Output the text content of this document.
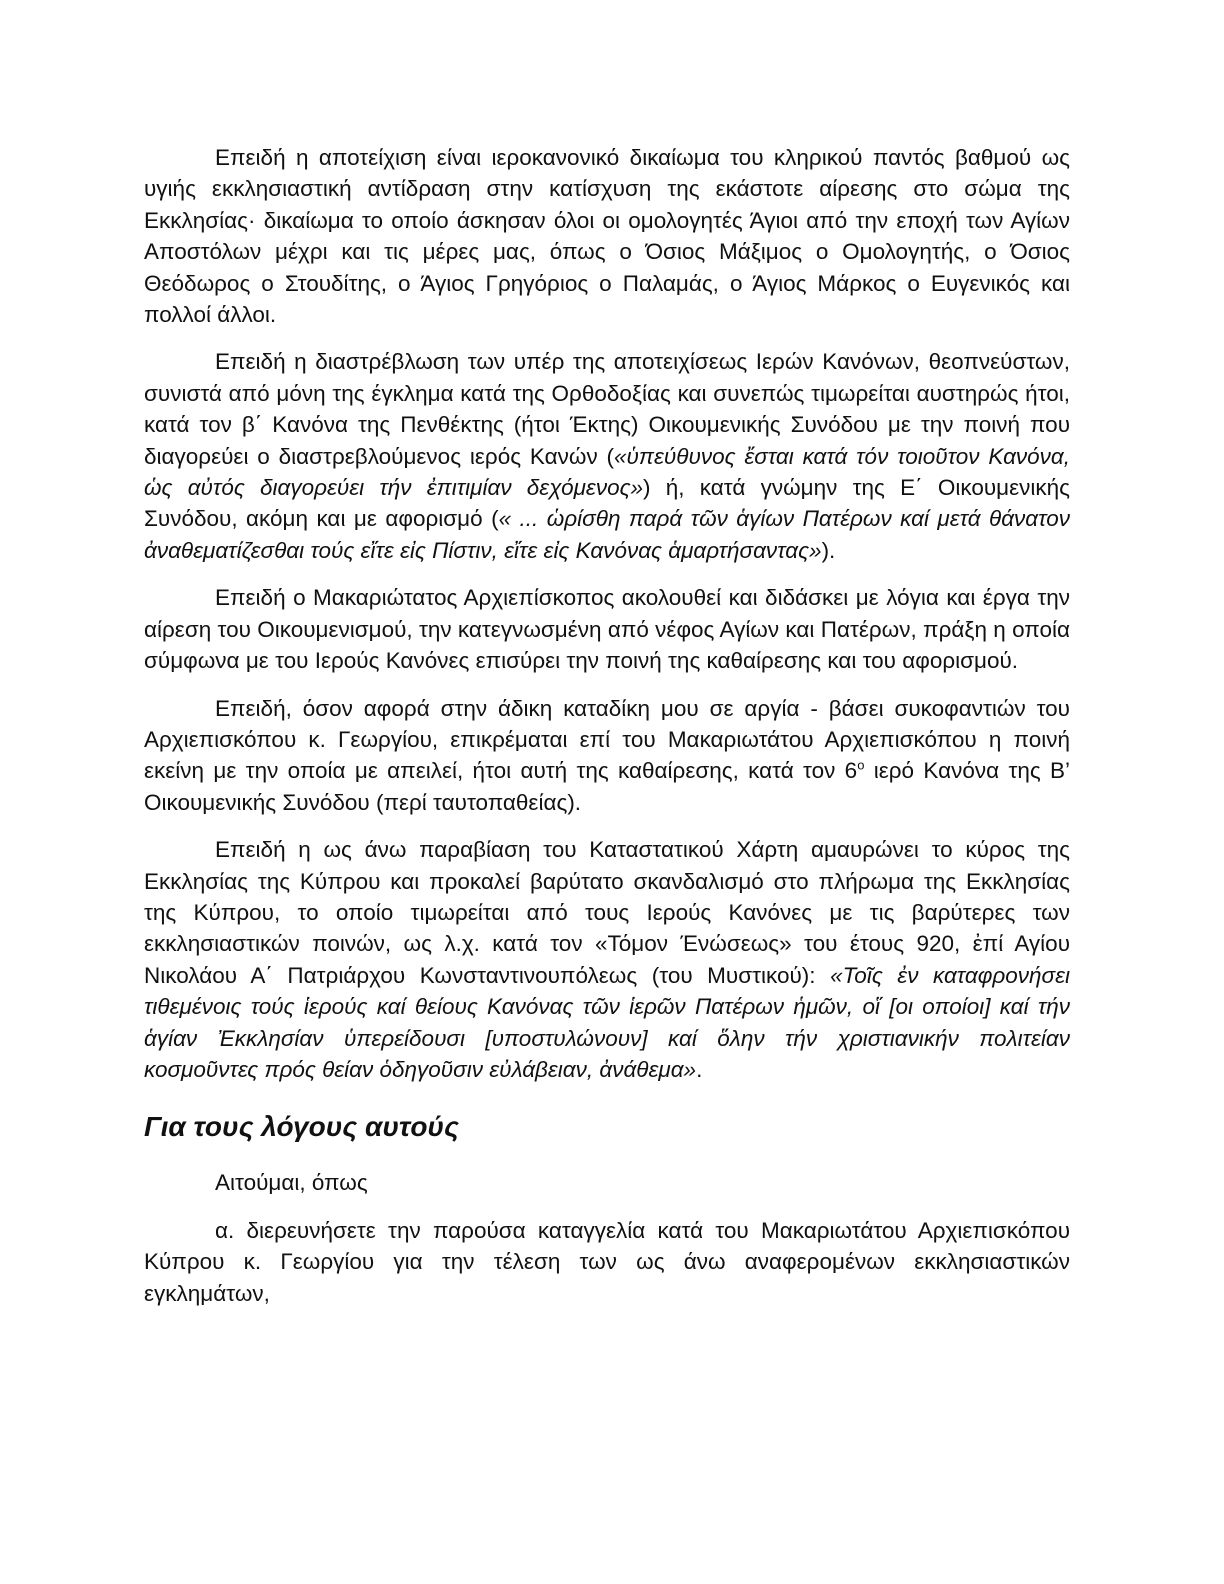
Επειδή η αποτείχιση είναι ιεροκανονικό δικαίωμα του κληρικού παντός βαθμού ως υγιής εκκλησιαστική αντίδραση στην κατίσχυση της εκάστοτε αίρεσης στο σώμα της Εκκλησίας· δικαίωμα το οποίο άσκησαν όλοι οι ομολογητές Άγιοι από την εποχή των Αγίων Αποστόλων μέχρι και τις μέρες μας, όπως ο Όσιος Μάξιμος ο Ομολογητής, ο Όσιος Θεόδωρος ο Στουδίτης, ο Άγιος Γρηγόριος ο Παλαμάς, ο Άγιος Μάρκος ο Ευγενικός και πολλοί άλλοι.

Επειδή η διαστρέβλωση των υπέρ της αποτειχίσεως Ιερών Κανόνων, θεοπνεύστων, συνιστά από μόνη της έγκλημα κατά της Ορθοδοξίας και συνεπώς τιμωρείται αυστηρώς ήτοι, κατά τον β΄ Κανόνα της Πενθέκτης (ήτοι Έκτης) Οικουμενικής Συνόδου με την ποινή που διαγορεύει ο διαστρεβλούμενος ιερός Κανών («ὑπεύθυνος ἔσται κατά τόν τοιοῦτον Κανόνα, ὡς αὐτός διαγορεύει τήν ἐπιτιμίαν δεχόμενος») ή, κατά γνώμην της Ε΄ Οικουμενικής Συνόδου, ακόμη και με αφορισμό (« ... ὡρίσθη παρά τῶν ἁγίων Πατέρων καί μετά θάνατον ἀναθεματίζεσθαι τούς εἴτε εἰς Πίστιν, εἴτε εἰς Κανόνας ἁμαρτήσαντας»).

Επειδή ο Μακαριώτατος Αρχιεπίσκοπος ακολουθεί και διδάσκει με λόγια και έργα την αίρεση του Οικουμενισμού, την κατεγνωσμένη από νέφος Αγίων και Πατέρων, πράξη η οποία σύμφωνα με του Ιερούς Κανόνες επισύρει την ποινή της καθαίρεσης και του αφορισμού.

Επειδή, όσον αφορά στην άδικη καταδίκη μου σε αργία - βάσει συκοφαντιών του Αρχιεπισκόπου κ. Γεωργίου, επικρέμαται επί του Μακαριωτάτου Αρχιεπισκόπου η ποινή εκείνη με την οποία με απειλεί, ήτοι αυτή της καθαίρεσης, κατά τον $6^o$ ιερό Κανόνα της Β’ Οικουμενικής Συνόδου (περί ταυτοπαθείας).

Επειδή η ως άνω παραβίαση του Καταστατικού Χάρτη αμαυρώνει το κύρος της Εκκλησίας της Κύπρου και προκαλεί βαρύτατο σκανδαλισμό στο πλήρωμα της Εκκλησίας της Κύπρου, το οποίο τιμωρείται από τους Ιερούς Κανόνες με τις βαρύτερες των εκκλησιαστικών ποινών, ως λ.χ. κατά τον «Τόμον Ένώσεως» του έτους 920, ἐπί Αγίου Νικολάου Α΄ Πατριάρχου Κωνσταντινουπόλεως (του Μυστικού): «Τοῖς ἐν καταφρονήσει τιθεμένοις τούς ἱερούς καί θείους Κανόνας τῶν ἱερῶν Πατέρων ἡμῶν, οἵ [οι οποίοι] καί τήν ἁγίαν Ἐκκλησίαν ὑπερείδουσι [υποστυλώνουν] καί ὅλην τήν χριστιανικήν πολιτείαν κοσμοῦντες πρός θείαν ὁδηγοῦσιν εὐλάβειαν, ἀνάθεμα».

Για τους λόγους αυτούς

Αιτούμαι, όπως

α. διερευνήσετε την παρούσα καταγγελία κατά του Μακαριωτάτου Αρχιεπισκόπου Κύπρου κ. Γεωργίου για την τέλεση των ως άνω αναφερομένων εκκλησιαστικών εγκλημάτων,
